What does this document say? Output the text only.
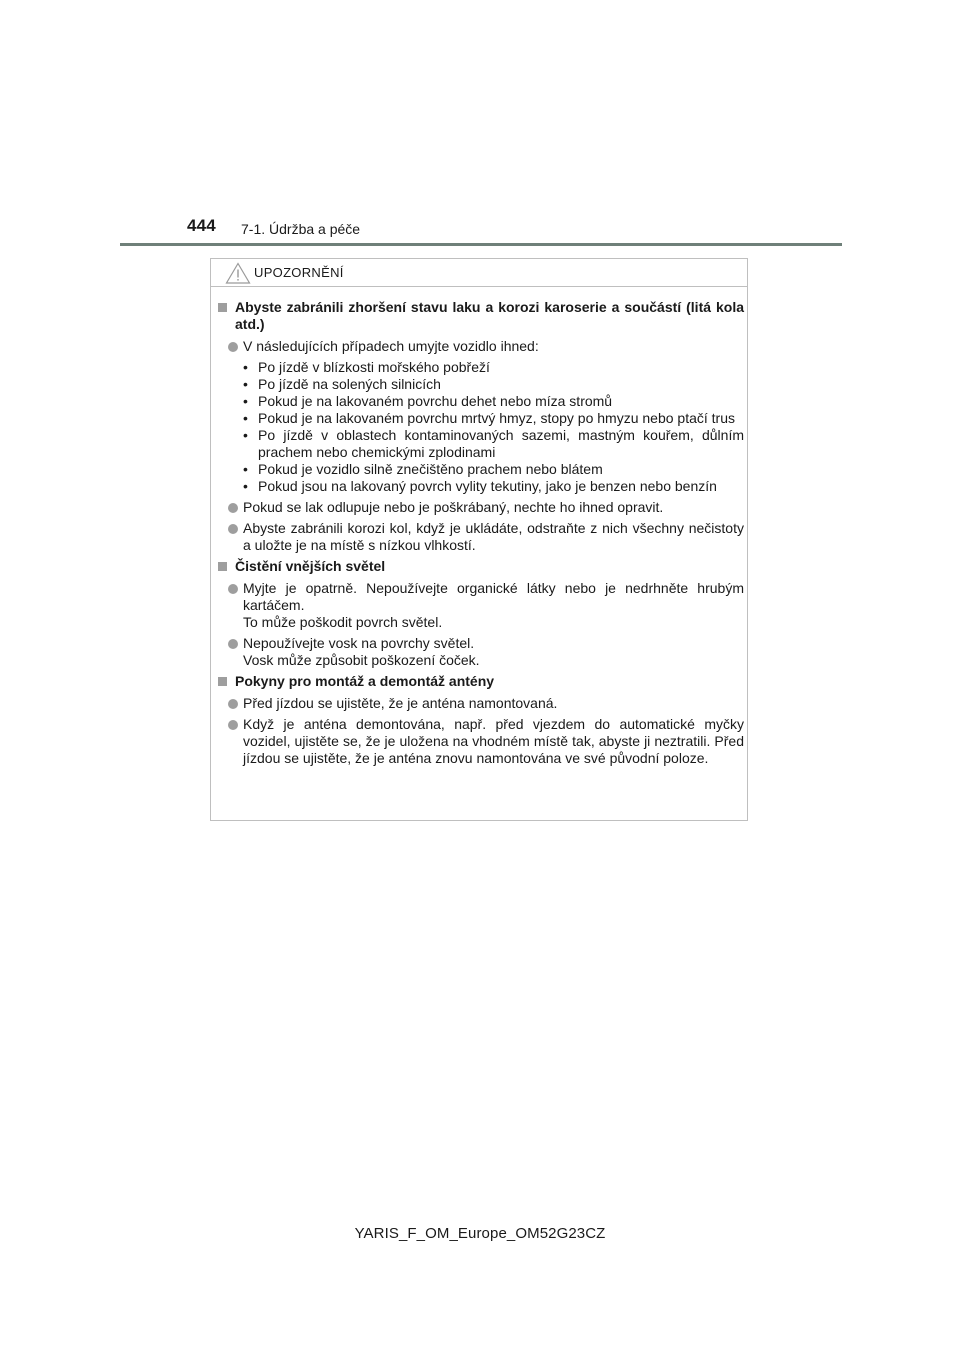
444 7-1. Údržba a péče
UPOZORNĚNÍ
Abyste zabránili zhoršení stavu laku a korozi karoserie a součástí (litá kola atd.)

V následujících případech umyjte vozidlo ihned:

• Po jízdě v blízkosti mořského pobřeží
• Po jízdě na solených silnicích
• Pokud je na lakovaném povrchu dehet nebo míza stromů
• Pokud je na lakovaném povrchu mrtvý hmyz, stopy po hmyzu nebo ptačí trus
• Po jízdě v oblastech kontaminovaných sazemi, mastným kouřem, důlním prachem nebo chemickými zplodinami
• Pokud je vozidlo silně znečištěno prachem nebo blátem
• Pokud jsou na lakovaný povrch vylity tekutiny, jako je benzen nebo benzín

Pokud se lak odlupuje nebo je poškrábaný, nechte ho ihned opravit.

Abyste zabránili korozi kol, když je ukládáte, odstraňte z nich všechny nečistoty a uložte je na místě s nízkou vlhkostí.

Čistění vnějších světel

Myjte je opatrně. Nepoužívejte organické látky nebo je nedrhněte hrubým kartáčem.

To může poškodit povrch světel.

Nepoužívejte vosk na povrchy světel.

Vosk může způsobit poškození čoček.

Pokyny pro montáž a demontáž antény

Před jízdou se ujistěte, že je anténa namontovaná.

Když je anténa demontována, např. před vjezdem do automatické myčky vozidel, ujistěte se, že je uložena na vhodném místě tak, abyste ji neztratili. Před jízdou se ujistěte, že je anténa znovu namontována ve své původní poloze.

YARIS_F_OM_Europe_OM52G23CZ
